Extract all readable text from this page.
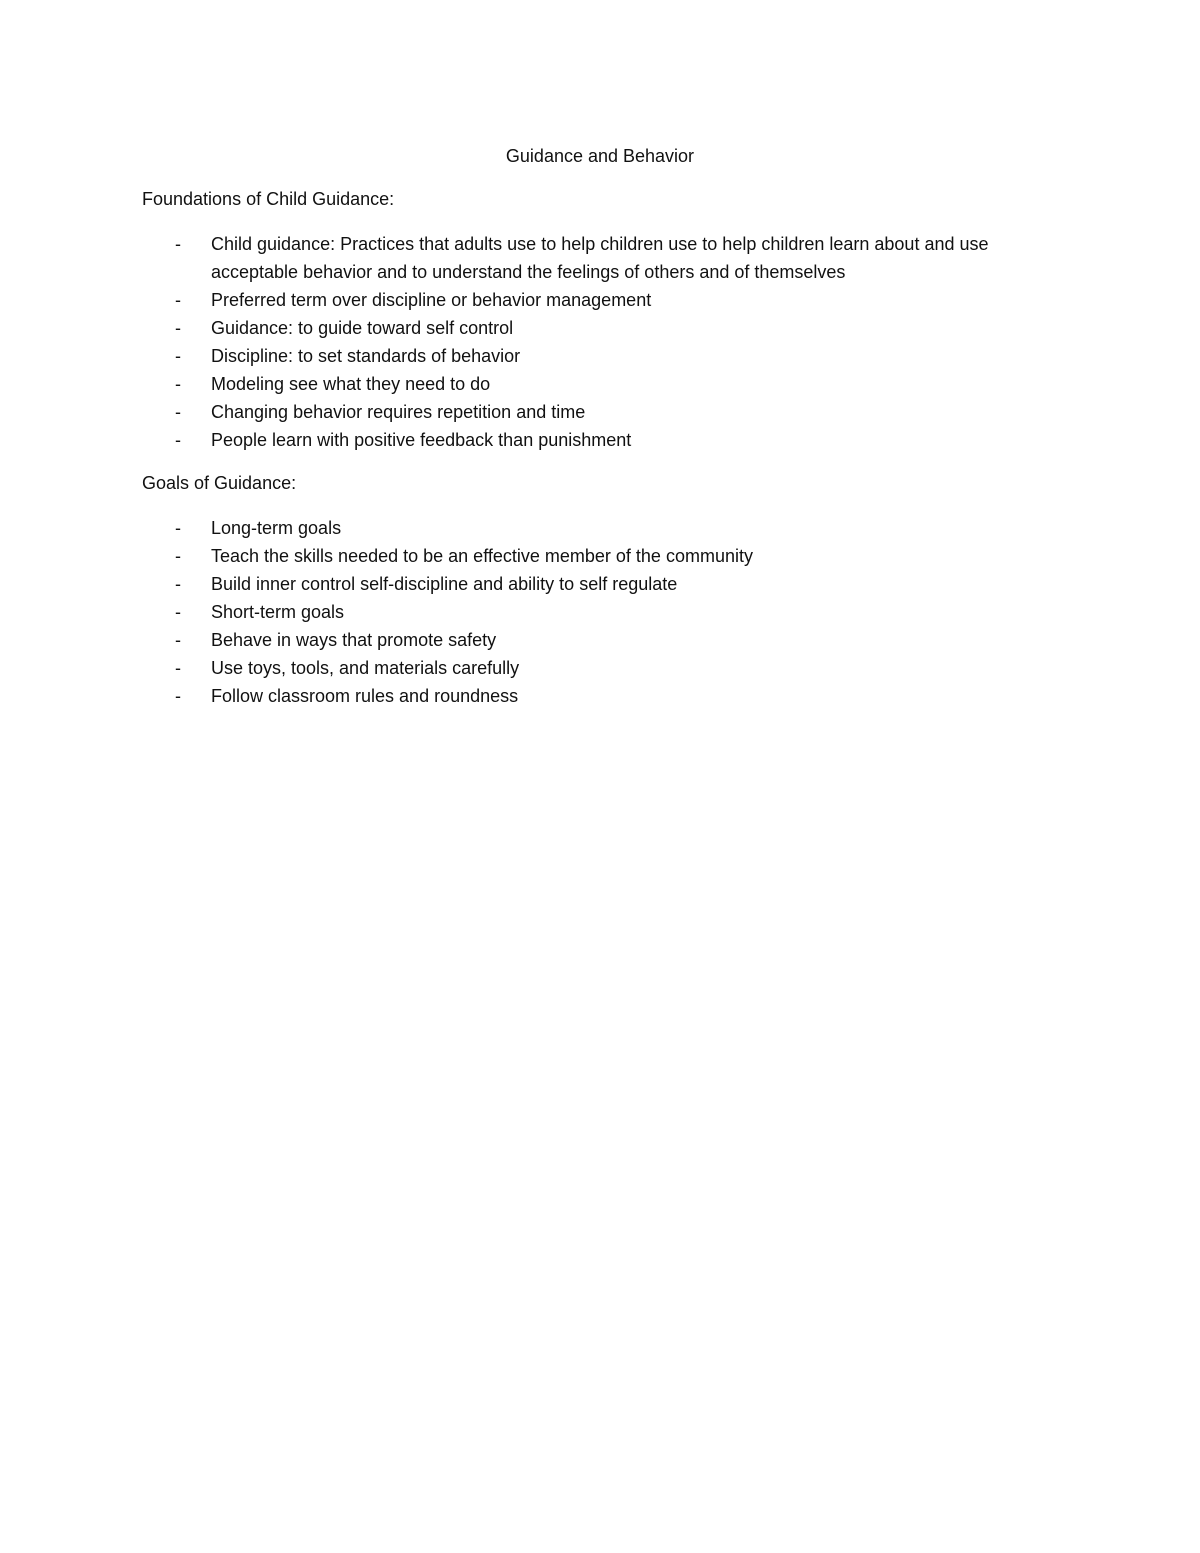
Guidance and Behavior

Foundations of Child Guidance:

- Child guidance: Practices that adults use to help children use to help children learn about and use acceptable behavior and to understand the feelings of others and of themselves
- Preferred term over discipline or behavior management
- Guidance: to guide toward self control
- Discipline: to set standards of behavior
- Modeling see what they need to do
- Changing behavior requires repetition and time
- People learn with positive feedback than punishment

Goals of Guidance:

- Long-term goals
- Teach the skills needed to be an effective member of the community
- Build inner control self-discipline and ability to self regulate
- Short-term goals
- Behave in ways that promote safety
- Use toys, tools, and materials carefully
- Follow classroom rules and roundness
